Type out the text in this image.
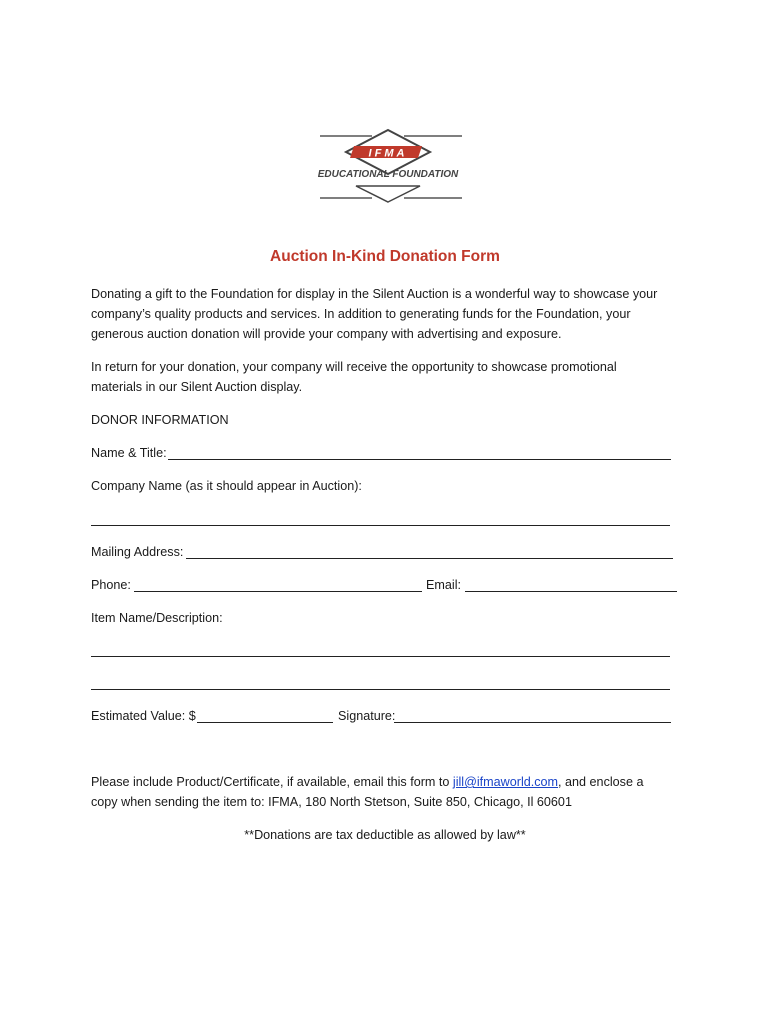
IFMA
EDUCATIONAL FOUNDATION
Auction In-Kind Donation Form
Donating a gift to the Foundation for display in the Silent Auction is a wonderful way to showcase your
company’s quality products and services. In addition to generating funds for the Foundation, your
generous auction donation will provide your company with advertising and exposure.
In return for your donation, your company will receive the opportunity to showcase promotional
materials in our Silent Auction display.
DONOR INFORMATION
Name & Title:
Company Name (as it should appear in Auction):
Mailing Address:
Phone:	Email:
Item Name/Description:
Estimated Value: $	Signature:
Please include Product/Certificate, if available, email this form to jill@ifmaworld.com, and enclose a
copy when sending the item to: IFMA, 180 North Stetson, Suite 850, Chicago, Il 60601
**Donations are tax deductible as allowed by law**
